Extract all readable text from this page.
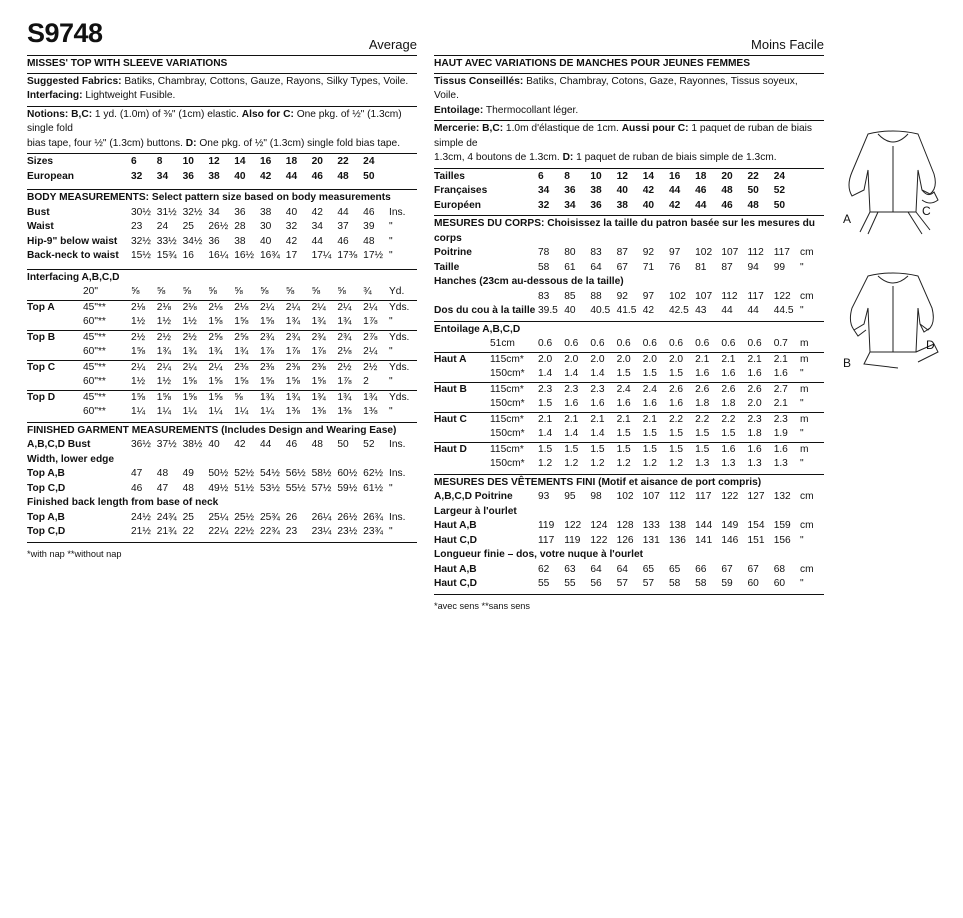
S9748	Average
MISSES' TOP WITH SLEEVE VARIATIONS

Suggested Fabrics: Batiks, Chambray, Cottons, Gauze, Rayons, Silky Types, Voile.

Interfacing: Lightweight Fusible.

Notions: B,C: 1 yd. (1.0m) of ⅜" (1cm) elastic. Also for C: One pkg. of ½" (1.3cm) single fold

bias tape, four ½" (1.3cm) buttons. D: One pkg. of ½" (1.3cm) single fold bias tape.

Sizes	6	8	10	12	14	16	18	20	22	24
European	32	34	36	38	40	42	44	46	48	50

BODY MEASUREMENTS: Select pattern size based on body measurements

Bust	30½	31½	32½	34	36	38	40	42	44	46	Ins.
Waist	23	24	25	26½	28	30	32	34	37	39	"
Hip-9" below waist	32½	33½	34½	36	38	40	42	44	46	48	"
Back-neck to waist	15½	15¾	16	16¼	16½	16¾	17	17¼	17⅜	17½	"

Interfacing A,B,C,D

	20"	⅝	⅝	⅝	⅝	⅝	⅝	⅝	⅝	⅝	¾	Yd.
Top A	45"**	2⅛	2⅛	2⅛	2⅛	2⅛	2¼	2¼	2¼	2¼	2¼	Yds.
	60"**	1½	1½	1½	1⅝	1⅝	1⅝	1¾	1¾	1¾	1⅞	"
Top B	45"**	2½	2½	2½	2⅝	2⅝	2¾	2¾	2¾	2¾	2⅞	Yds.
	60"**	1⅝	1¾	1¾	1¾	1¾	1⅞	1⅞	1⅞	2⅛	2¼	"
Top C	45"**	2¼	2¼	2¼	2¼	2⅜	2⅜	2⅜	2⅜	2½	2½	Yds.
	60"**	1½	1½	1⅝	1⅝	1⅝	1⅝	1⅝	1⅝	1⅞	2	"
Top D	45"**	1⅝	1⅝	1⅝	1⅝	⅝	1¾	1¾	1¾	1¾	1¾	Yds.
	60"**	1¼	1¼	1¼	1¼	1¼	1¼	1⅜	1⅜	1⅜	1⅜	"

FINISHED GARMENT MEASUREMENTS (Includes Design and Wearing Ease)

A,B,C,D Bust	36½	37½	38½	40	42	44	46	48	50	52	Ins.
Width, lower edge											
Top A,B	47	48	49	50½	52½	54½	56½	58½	60½	62½	Ins.
Top C,D	46	47	48	49½	51½	53½	55½	57½	59½	61½	"
Finished back length from base of neck											
Top A,B	24½	24¾	25	25¼	25½	25¾	26	26¼	26½	26¾	Ins.
Top C,D	21½	21¾	22	22¼	22½	22¾	23	23¼	23½	23¾	"
*with nap **without nap
Moins Facile
HAUT AVEC VARIATIONS DE MANCHES POUR JEUNES FEMMES

Tissus Conseillés: Batiks, Chambray, Cotons, Gaze, Rayonnes, Tissus soyeux, Voile.

Entoilage: Thermocollant léger.

Mercerie: B,C: 1.0m d'élastique de 1cm. Aussi pour C: 1 paquet de ruban de biais simple de

1.3cm, 4 boutons de 1.3cm. D: 1 paquet de ruban de biais simple de 1.3cm.

Tailles	6	8	10	12	14	16	18	20	22	24
Françaises	34	36	38	40	42	44	46	48	50	52
Européen	32	34	36	38	40	42	44	46	48	50

MESURES DU CORPS: Choisissez la taille du patron basée sur les mesures du corps

Poitrine	78	80	83	87	92	97	102	107	112	117	cm
Taille	58	61	64	67	71	76	81	87	94	99	"
Hanches (23cm au-dessous de la taille)											
	83	85	88	92	97	102	107	112	117	122	cm
Dos du cou à la taille	39.5	40	40.5	41.5	42	42.5	43	44	44	44.5	"

Entoilage A,B,C,D

	51cm	0.6	0.6	0.6	0.6	0.6	0.6	0.6	0.6	0.6	0.7	m
Haut A	115cm*	2.0	2.0	2.0	2.0	2.0	2.0	2.1	2.1	2.1	2.1	m
	150cm*	1.4	1.4	1.4	1.5	1.5	1.5	1.6	1.6	1.6	1.6	"
Haut B	115cm*	2.3	2.3	2.3	2.4	2.4	2.6	2.6	2.6	2.6	2.7	m
	150cm*	1.5	1.6	1.6	1.6	1.6	1.6	1.8	1.8	2.0	2.1	"
Haut C	115cm*	2.1	2.1	2.1	2.1	2.1	2.2	2.2	2.2	2.3	2.3	m
	150cm*	1.4	1.4	1.4	1.5	1.5	1.5	1.5	1.5	1.8	1.9	"
Haut D	115cm*	1.5	1.5	1.5	1.5	1.5	1.5	1.5	1.6	1.6	1.6	m
	150cm*	1.2	1.2	1.2	1.2	1.2	1.2	1.3	1.3	1.3	1.3	"

MESURES DES VÊTEMENTS FINI (Motif et aisance de port compris)

A,B,C,D Poitrine	93	95	98	102	107	112	117	122	127	132	cm
Largeur à l'ourlet											
Haut A,B	119	122	124	128	133	138	144	149	154	159	cm
Haut C,D	117	119	122	126	131	136	141	146	151	156	"
Longueur finie – dos, votre nuque à l'ourlet											
Haut A,B	62	63	64	64	65	65	66	67	67	68	cm
Haut C,D	55	55	56	57	57	58	58	59	60	60	"
*avec sens **sans sens
A
C
B
D
